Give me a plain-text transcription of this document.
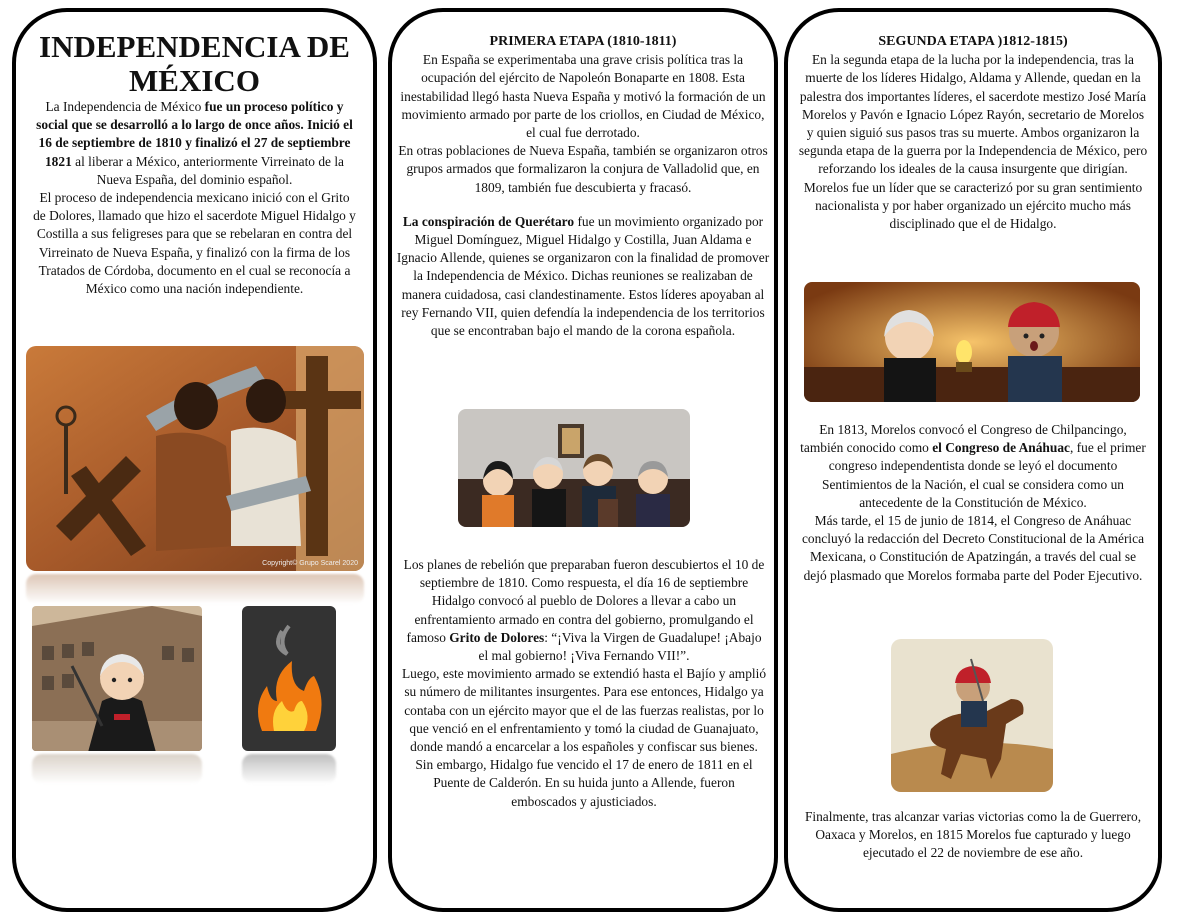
INDEPENDENCIA DE
MÉXICO

La Independencia de México fue un proceso político y social que se desarrolló a lo largo de once años. Inició el 16 de septiembre de 1810 y finalizó el 27 de septiembre 1821 al liberar a México, anteriormente Virreinato de la Nueva España, del dominio español.

El proceso de independencia mexicano inició con el Grito de Dolores, llamado que hizo el sacerdote Miguel Hidalgo y Costilla a sus feligreses para que se rebelaran en contra del Virreinato de Nueva España, y finalizó con la firma de los Tratados de Córdoba, documento en el cual se reconocía a México como una nación independiente.

Copyright© Grupo Scarel 2020

PRIMERA ETAPA (1810-1811)

En España se experimentaba una grave crisis política tras la ocupación del ejército de Napoleón Bonaparte en 1808. Esta inestabilidad llegó hasta Nueva España y motivó la formación de un movimiento armado por parte de los criollos, en Ciudad de México, el cual fue derrotado.

En otras poblaciones de Nueva España, también se organizaron otros grupos armados que formalizaron la conjura de Valladolid que, en 1809, también fue descubierta y fracasó.

La conspiración de Querétaro fue un movimiento organizado por Miguel Domínguez, Miguel Hidalgo y Costilla, Juan Aldama e Ignacio Allende, quienes se organizaron con la finalidad de promover la Independencia de México. Dichas reuniones se realizaban de manera cuidadosa, casi clandestinamente. Estos líderes apoyaban al rey Fernando VII, quien defendía la independencia de los territorios que se encontraban bajo el mando de la corona española.

Los planes de rebelión que preparaban fueron descubiertos el 10 de septiembre de 1810. Como respuesta, el día 16 de septiembre Hidalgo convocó al pueblo de Dolores a llevar a cabo un enfrentamiento armado en contra del gobierno, promulgando el famoso Grito de Dolores: “¡Viva la Virgen de Guadalupe! ¡Abajo el mal gobierno! ¡Viva Fernando VII!”.

Luego, este movimiento armado se extendió hasta el Bajío y amplió su número de militantes insurgentes. Para ese entonces, Hidalgo ya contaba con un ejército mayor que el de las fuerzas realistas, por lo que venció en el enfrentamiento y tomó la ciudad de Guanajuato, donde mandó a encarcelar a los españoles y confiscar sus bienes.

Sin embargo, Hidalgo fue vencido el 17 de enero de 1811 en el Puente de Calderón. En su huida junto a Allende, fueron emboscados y ajusticiados.

SEGUNDA ETAPA )1812-1815)

En la segunda etapa de la lucha por la independencia, tras la muerte de los líderes Hidalgo, Aldama y Allende, quedan en la palestra dos importantes líderes, el sacerdote mestizo José María Morelos y Pavón e Ignacio López Rayón, secretario de Morelos y quien siguió sus pasos tras su muerte. Ambos organizaron la segunda etapa de la guerra por la Independencia de México, pero reforzando los ideales de la causa insurgente que dirigían. Morelos fue un líder que se caracterizó por su gran sentimiento nacionalista y por haber organizado un ejército mucho más disciplinado que el de Hidalgo.

En 1813, Morelos convocó el Congreso de Chilpancingo, también conocido como el Congreso de Anáhuac, fue el primer congreso independentista donde se leyó el documento Sentimientos de la Nación, el cual se considera como un antecedente de la Constitución de México.

Más tarde, el 15 de junio de 1814, el Congreso de Anáhuac concluyó la redacción del Decreto Constitucional de la América Mexicana, o Constitución de Apatzingán, a través del cual se dejó plasmado que Morelos formaba parte del Poder Ejecutivo.

Finalmente, tras alcanzar varias victorias como la de Guerrero, Oaxaca y Morelos, en 1815 Morelos fue capturado y luego ejecutado el 22 de noviembre de ese año.
